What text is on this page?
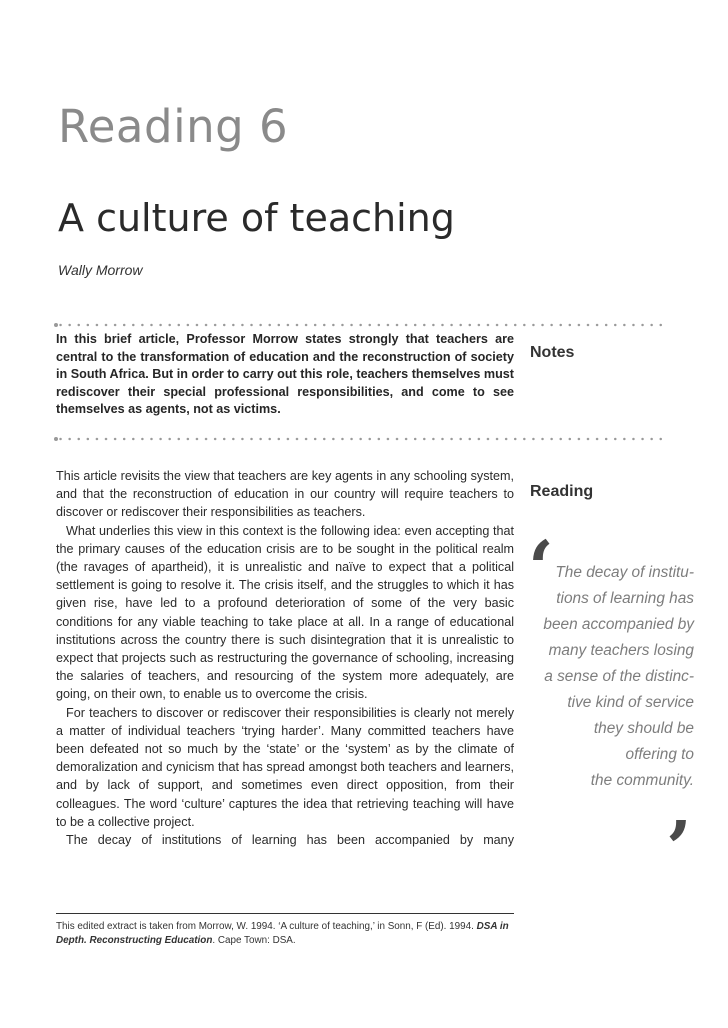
Reading 6
A culture of teaching
Wally Morrow
In this brief article, Professor Morrow states strongly that teachers are central to the transformation of education and the reconstruction of society in South Africa. But in order to carry out this role, teachers themselves must rediscover their special professional responsibilities, and come to see themselves as agents, not as victims.

This article revisits the view that teachers are key agents in any schooling system, and that the reconstruction of education in our country will require teachers to discover or rediscover their responsibilities as teachers.

What underlies this view in this context is the following idea: even accepting that the primary causes of the education crisis are to be sought in the political realm (the ravages of apartheid), it is unrealistic and naïve to expect that a political settlement is going to resolve it. The crisis itself, and the struggles to which it has given rise, have led to a profound deterioration of some of the very basic conditions for any viable teaching to take place at all. In a range of educational institutions across the country there is such disintegration that it is unrealistic to expect that projects such as restructuring the governance of schooling, increasing the salaries of teachers, and resourcing of the system more adequately, are going, on their own, to enable us to overcome the crisis.

For teachers to discover or rediscover their responsibilities is clearly not merely a matter of individual teachers ‘trying harder’. Many committed teachers have been defeated not so much by the ‘state’ or the ‘system’ as by the climate of demoralization and cynicism that has spread amongst both teachers and learners, and by lack of support, and sometimes even direct opposition, from their colleagues. The word ‘culture’ captures the idea that retrieving teaching will have to be a collective project.

The decay of institutions of learning has been accompanied by many

This edited extract is taken from Morrow, W. 1994. ‘A culture of teaching,’ in Sonn, F (Ed). 1994. DSA in Depth. Reconstructing Education. Cape Town: DSA.
Notes
Reading
‘ The decay of institu-
tions of learning has
been accompanied by
many teachers losing
a sense of the distinc-
tive kind of service
they should be
offering to
the community.
’
